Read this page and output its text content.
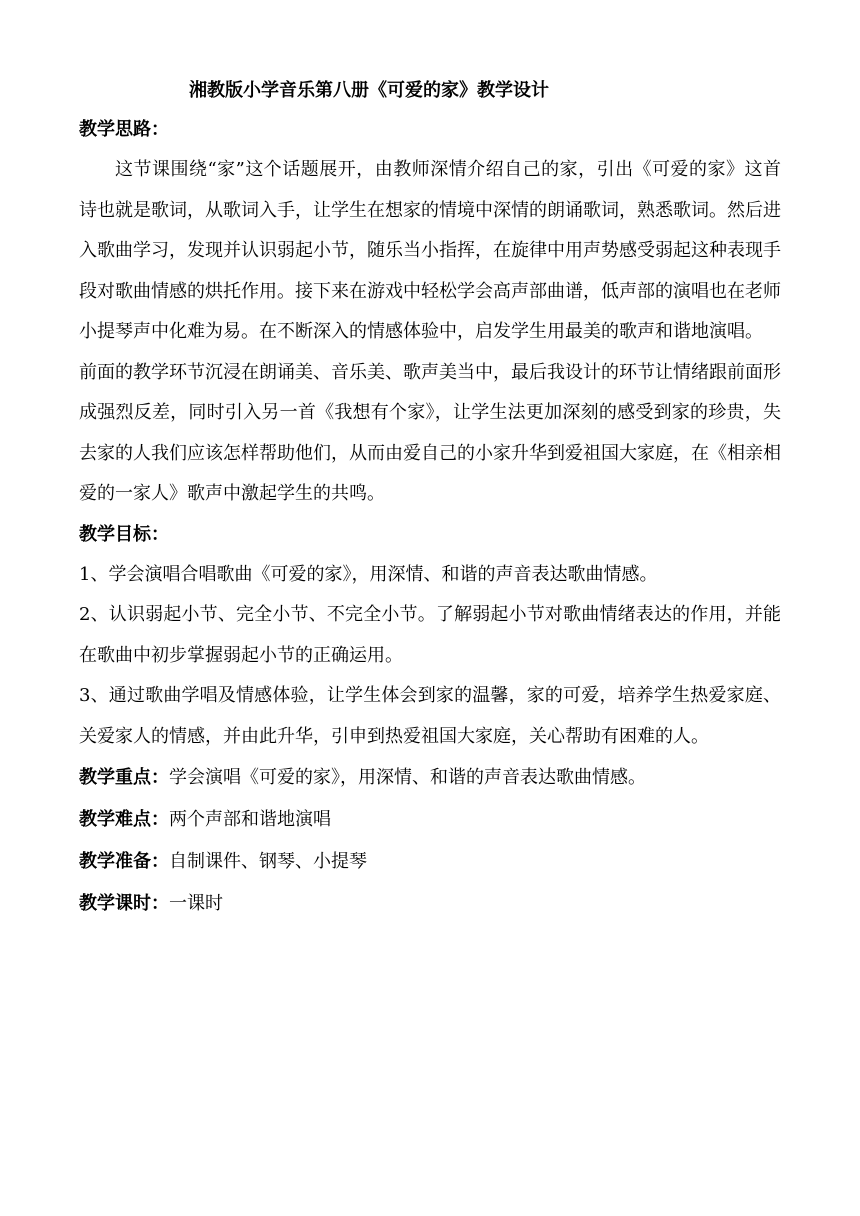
湘教版小学音乐第八册《可爱的家》教学设计
教学思路：

这节课围绕“家”这个话题展开，由教师深情介绍自己的家，引出《可爱的家》这首诗也就是歌词，从歌词入手，让学生在想家的情境中深情的朗诵歌词，熟悉歌词。然后进入歌曲学习，发现并认识弱起小节，随乐当小指挥，在旋律中用声势感受弱起这种表现手段对歌曲情感的烘托作用。接下来在游戏中轻松学会高声部曲谱，低声部的演唱也在老师小提琴声中化难为易。在不断深入的情感体验中，启发学生用最美的歌声和谐地演唱。

前面的教学环节沉浸在朗诵美、音乐美、歌声美当中，最后我设计的环节让情绪跟前面形成强烈反差，同时引入另一首《我想有个家》，让学生法更加深刻的感受到家的珍贵，失去家的人我们应该怎样帮助他们，从而由爱自己的小家升华到爱祖国大家庭，在《相亲相爱的一家人》歌声中激起学生的共鸣。

教学目标：

1、学会演唱合唱歌曲《可爱的家》，用深情、和谐的声音表达歌曲情感。

2、认识弱起小节、完全小节、不完全小节。了解弱起小节对歌曲情绪表达的作用，并能在歌曲中初步掌握弱起小节的正确运用。

3、通过歌曲学唱及情感体验，让学生体会到家的温馨，家的可爱，培养学生热爱家庭、关爱家人的情感，并由此升华，引申到热爱祖国大家庭，关心帮助有困难的人。

教学重点：学会演唱《可爱的家》，用深情、和谐的声音表达歌曲情感。

教学难点：两个声部和谐地演唱

教学准备：自制课件、钢琴、小提琴

教学课时：一课时
